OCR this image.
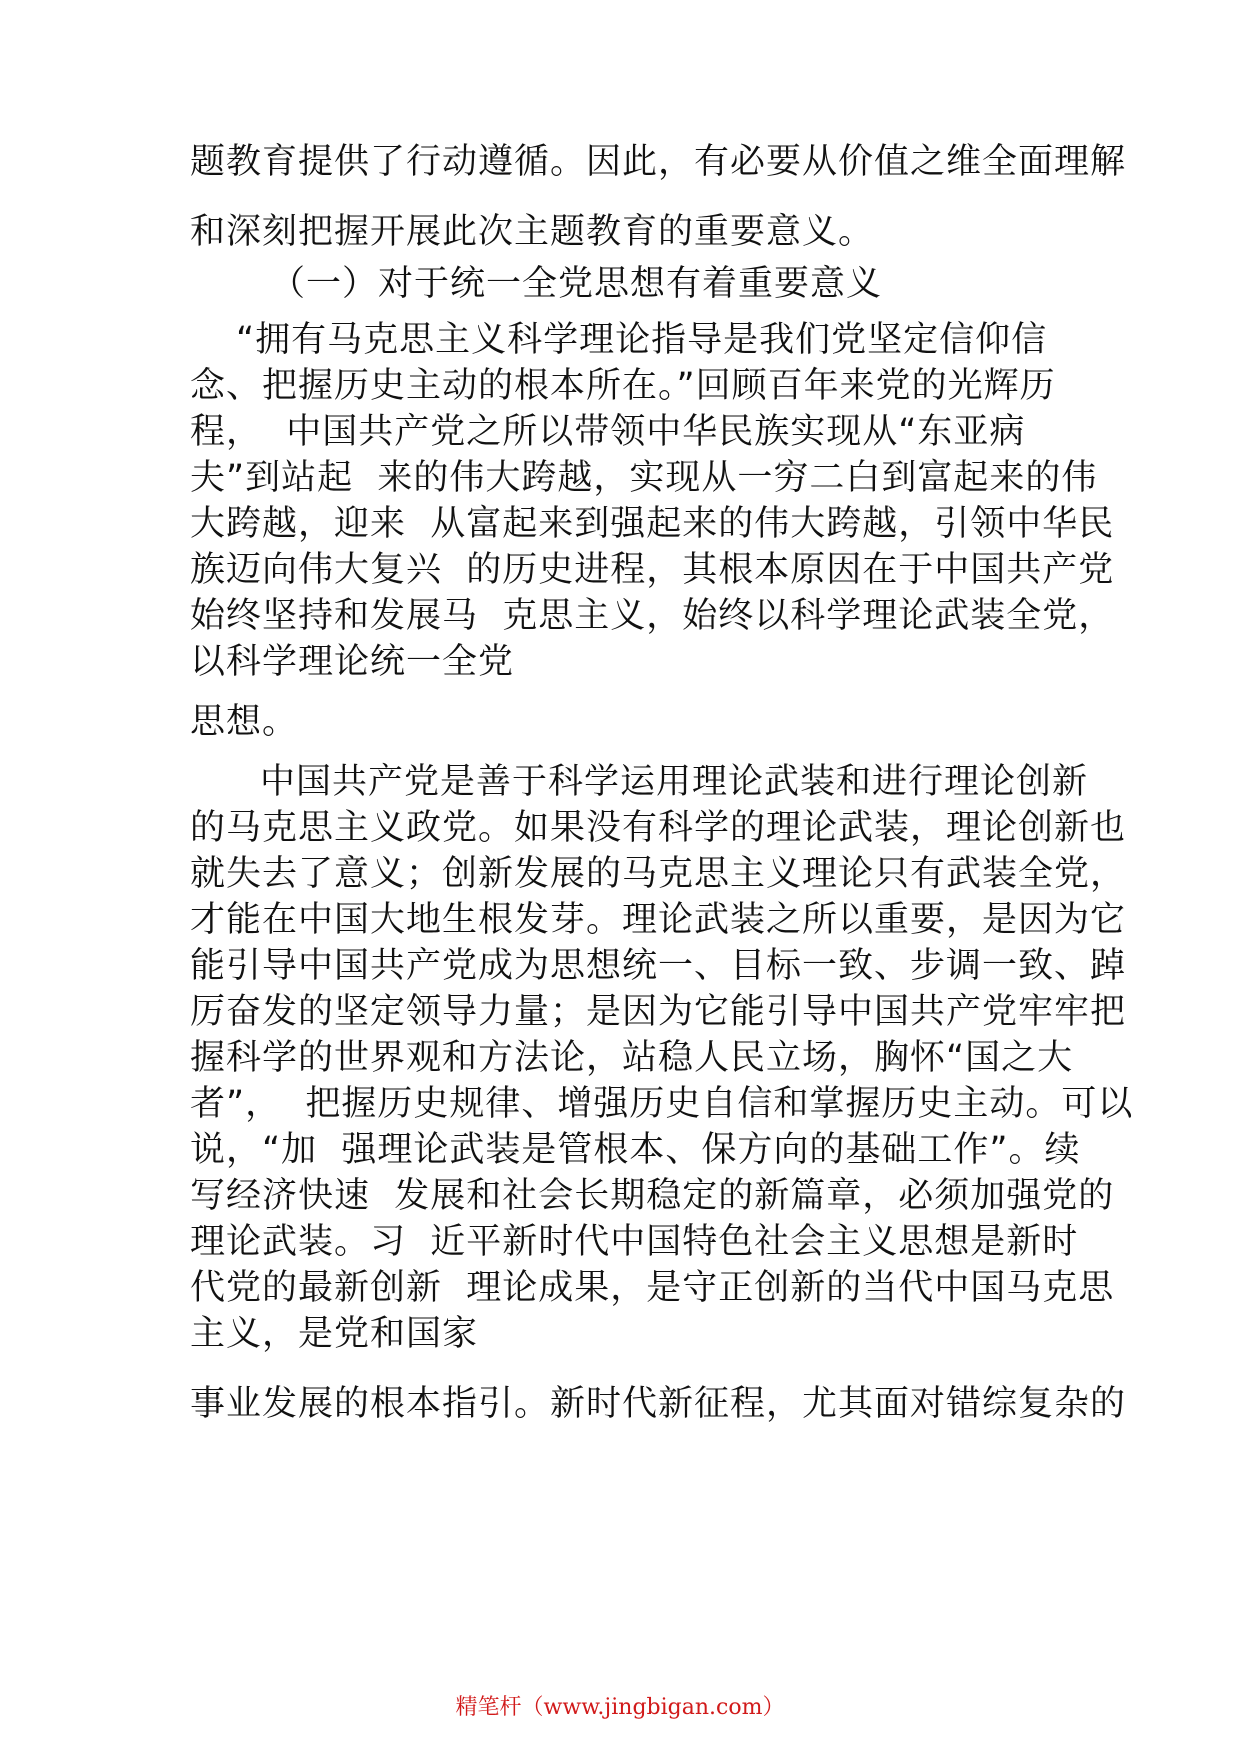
题教育提供了行动遵循。因此，有必要从价值之维全面理解

和深刻把握开展此次主题教育的重要意义。

（一）对于统一全党思想有着重要意义

“拥有马克思主义科学理论指导是我们党坚定信仰信

念、把握历史主动的根本所在。”回顾百年来党的光辉历

程，  中国共产党之所以带领中华民族实现从“东亚病

夫”到站起  来的伟大跨越，实现从一穷二白到富起来的伟

大跨越，迎来  从富起来到强起来的伟大跨越，引领中华民

族迈向伟大复兴  的历史进程，其根本原因在于中国共产党

始终坚持和发展马  克思主义，始终以科学理论武装全党，

以科学理论统一全党

思想。

中国共产党是善于科学运用理论武装和进行理论创新

的马克思主义政党。如果没有科学的理论武装，理论创新也

就失去了意义；创新发展的马克思主义理论只有武装全党，

才能在中国大地生根发芽。理论武装之所以重要，是因为它

能引导中国共产党成为思想统一、目标一致、步调一致、踔

厉奋发的坚定领导力量；是因为它能引导中国共产党牢牢把

握科学的世界观和方法论，站稳人民立场，胸怀“国之大

者”，  把握历史规律、增强历史自信和掌握历史主动。可以

说，“加  强理论武装是管根本、保方向的基础工作”。续

写经济快速  发展和社会长期稳定的新篇章，必须加强党的

理论武装。习  近平新时代中国特色社会主义思想是新时

代党的最新创新  理论成果，是守正创新的当代中国马克思

主义，是党和国家

事业发展的根本指引。新时代新征程，尤其面对错综复杂的

精笔杆（www.jingbigan.com）
